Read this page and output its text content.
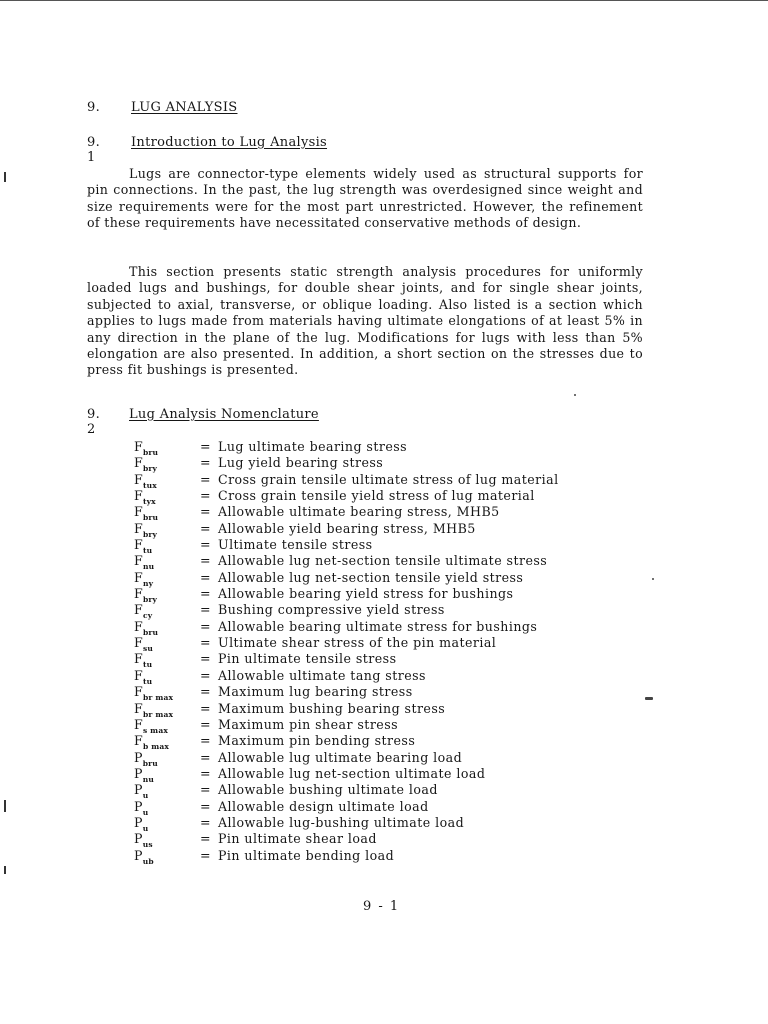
9. LUG ANALYSIS
9. 1
Introduction to Lug Analysis

Lugs are connector-type elements widely used as structural supports for pin connections. In the past, the lug strength was overdesigned since weight and size requirements were for the most part unrestricted. However, the refinement of these requirements have necessitated conservative methods of design.

This section presents static strength analysis procedures for uniformly loaded lugs and bushings, for double shear joints, and for single shear joints, subjected to axial, transverse, or oblique loading. Also listed is a section which applies to lugs made from materials having ultimate elongations of at least 5% in any direction in the plane of the lug. Modifications for lugs with less than 5% elongation are also presented. In addition, a short section on the stresses due to press fit bushings is presented.

9. 2
Lug Analysis Nomenclature
$F_{bru}$	= Lug ultimate bearing stress
$F_{bry}$	= Lug yield bearing stress
$F_{tux}$	= Cross grain tensile ultimate stress of lug material
$F_{tyx}$	= Cross grain tensile yield stress of lug material
$F_{bru}$	= Allowable ultimate bearing stress, MHB5
$F_{bry}$	= Allowable yield bearing stress, MHB5
$F_{tu}$	= Ultimate tensile stress
$F_{nu}$	= Allowable lug net-section tensile ultimate stress
$F_{ny}$	= Allowable lug net-section tensile yield stress
$F_{bry}$	= Allowable bearing yield stress for bushings
$F_{cy}$	= Bushing compressive yield stress
$F_{bru}$	= Allowable bearing ultimate stress for bushings
$F_{su}$	= Ultimate shear stress of the pin material
$F_{tu}$	= Pin ultimate tensile stress
$F_{tu}$	= Allowable ultimate tang stress
$F_{br max}$	= Maximum lug bearing stress
$F_{br max}$	= Maximum bushing bearing stress
$F_{s max}$	= Maximum pin shear stress
$F_{b max}$	= Maximum pin bending stress
$P_{bru}$	= Allowable lug ultimate bearing load
$P_{nu}$	= Allowable lug net-section ultimate load
$P_u$	= Allowable bushing ultimate load
$P_u$	= Allowable design ultimate load
$P_u$	= Allowable lug-bushing ultimate load
$P_{us}$	= Pin ultimate shear load
$P_{ub}$	= Pin ultimate bending load
9 - 1
